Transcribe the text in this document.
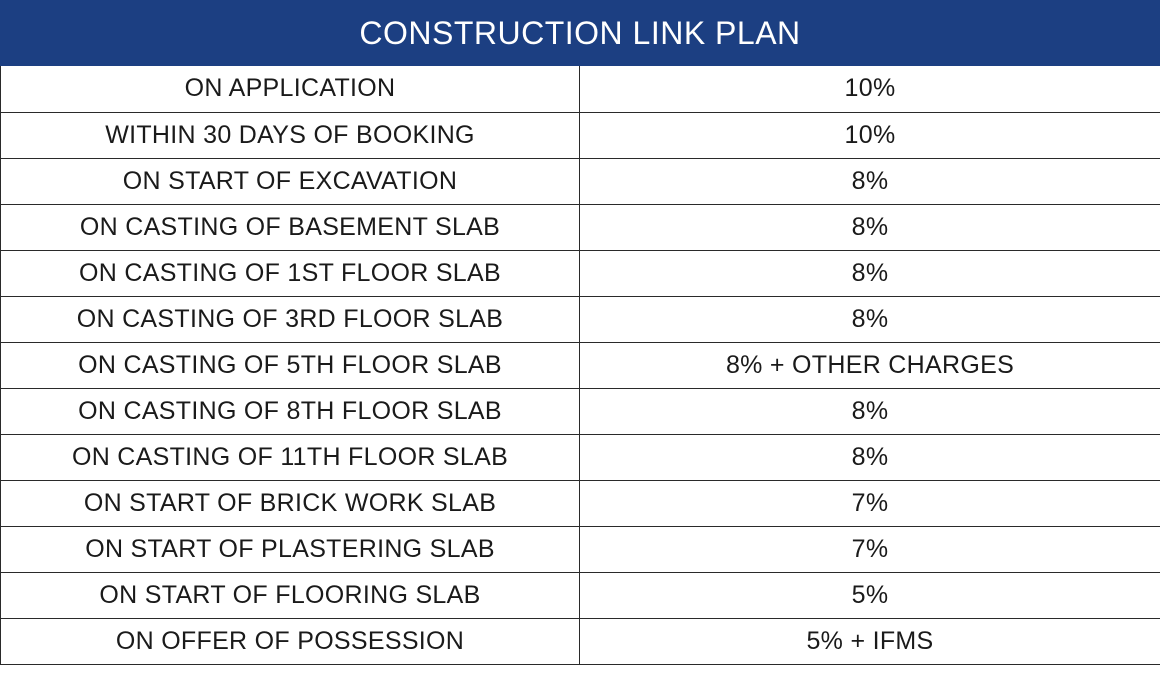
CONSTRUCTION LINK PLAN
ON APPLICATION	10%
WITHIN 30 DAYS OF BOOKING	10%
ON START OF EXCAVATION	8%
ON CASTING OF BASEMENT SLAB	8%
ON CASTING OF 1ST FLOOR SLAB	8%
ON CASTING OF 3RD FLOOR SLAB	8%
ON CASTING OF 5TH FLOOR SLAB	8% + OTHER CHARGES
ON CASTING OF 8TH FLOOR SLAB	8%
ON CASTING OF 11TH FLOOR SLAB	8%
ON START OF BRICK WORK SLAB	7%
ON START OF PLASTERING SLAB	7%
ON START OF FLOORING SLAB	5%
ON OFFER OF POSSESSION	5% + IFMS
